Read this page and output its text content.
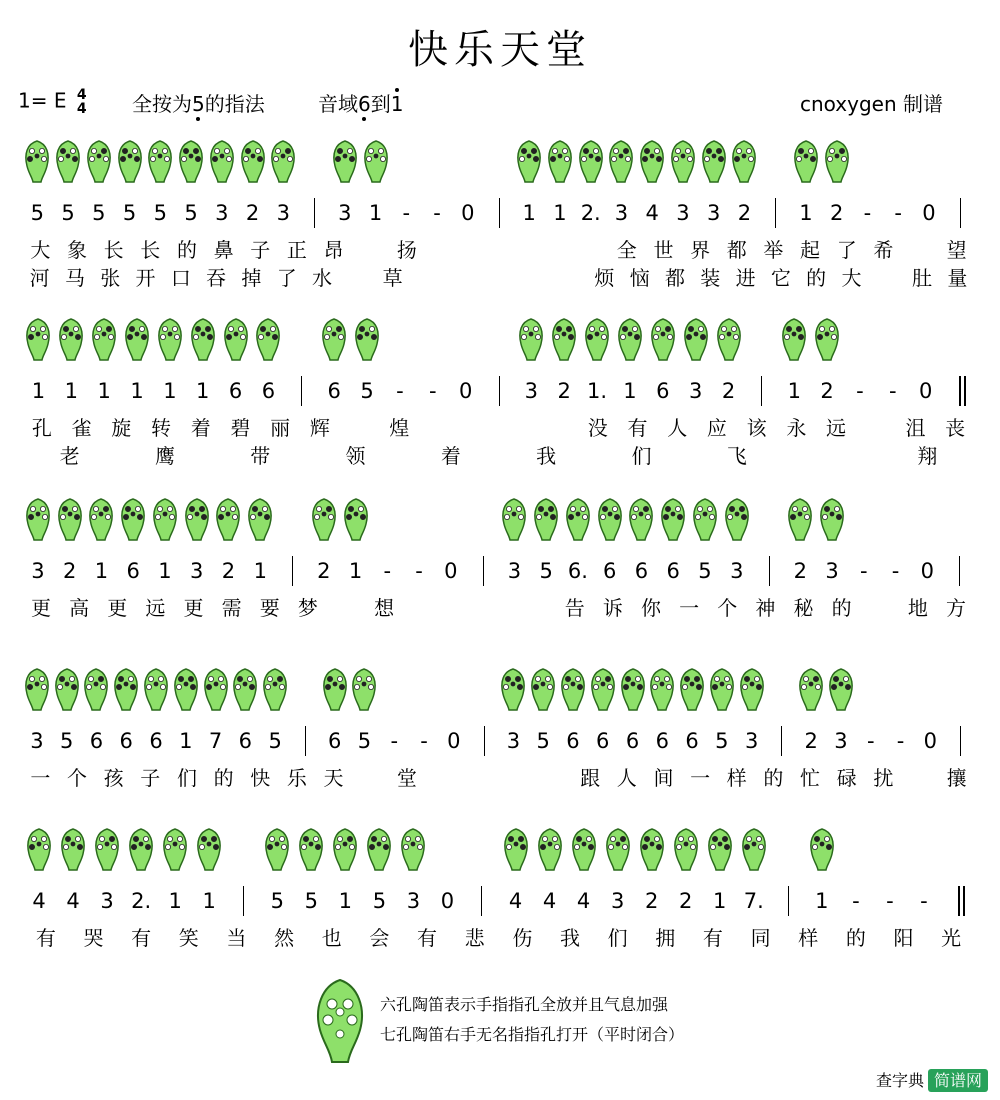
快乐天堂
1= E 4
4 全按为5的指法	音域6到1	cnoxygen 制谱
5 5 5 5 5 5 3 2 3 3 1 -	- 0 1 1 2. 3 4 3 3 2 1 2 -	- 0
大 象 长 长 的 鼻 子 正 昂	扬	全 世 界 都 举 起 了 希	望
河 马 张 开 口 吞 掉 了 水	草	烦 恼 都 装 进 它 的 大	肚 量
1 1 1 1 1 1 6 6 6 5	-	-	0 3 2 1. 1 6 3 2 1 2	-	-	0
孔 雀 旋 转 着 碧 丽 辉	煌	没 有 人 应 该 永 远	沮 丧
老	鹰	带	领	着	我	们	飞	翔
3 2 1 6 1 3 2 1 2 1	-	-	0 3 5 6. 6 6 6 5 3 2 3	-	-	0
更 高 更 远 更 需 要 梦	想	告 诉 你 一 个 神 秘 的	地 方
3 5 6 6 6 1 7 6 5 6 5 -	- 0 3 5 6 6 6 6 6 5 3 2 3 -	- 0
一 个 孩 子 们 的 快 乐 天	堂	跟 人 间 一 样 的 忙 碌 扰	攘
4 4 3 2. 1 1	5 5 1 5 3 0	4 4 4 3 2 2 1 7. 1	-	-	-
有 哭 有 笑 当 然 也 会 有 悲 伤 我 们 拥 有 同 样 的 阳 光
六孔陶笛表示手指指孔全放并且气息加强
七孔陶笛右手无名指指孔打开（平时闭合）
查字典 简谱网
